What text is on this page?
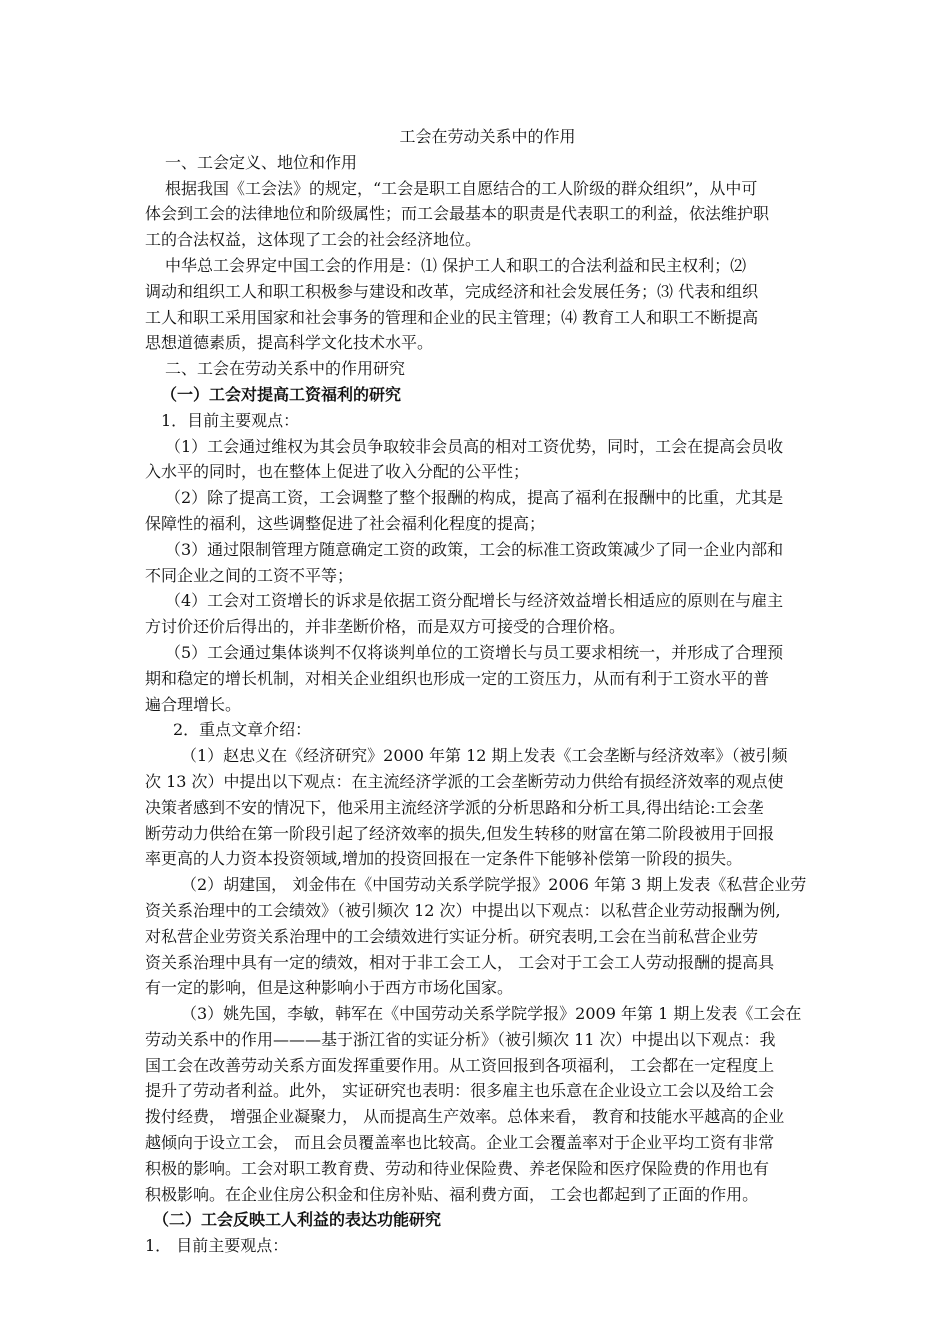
工会在劳动关系中的作用
一、工会定义、地位和作用
根据我国《工会法》的规定，“工会是职工自愿结合的工人阶级的群众组织”，从中可
体会到工会的法律地位和阶级属性；而工会最基本的职责是代表职工的利益，依法维护职
工的合法权益，这体现了工会的社会经济地位。
中华总工会界定中国工会的作用是：⑴ 保护工人和职工的合法利益和民主权利；⑵
调动和组织工人和职工积极参与建设和改革，完成经济和社会发展任务；⑶ 代表和组织
工人和职工采用国家和社会事务的管理和企业的民主管理；⑷ 教育工人和职工不断提高
思想道德素质，提高科学文化技术水平。
二、工会在劳动关系中的作用研究
（一）工会对提高工资福利的研究
1．目前主要观点：
（1）工会通过维权为其会员争取较非会员高的相对工资优势，同时，工会在提高会员收
入水平的同时，也在整体上促进了收入分配的公平性；
（2）除了提高工资，工会调整了整个报酬的构成，提高了福利在报酬中的比重，尤其是
保障性的福利，这些调整促进了社会福利化程度的提高；
（3）通过限制管理方随意确定工资的政策，工会的标准工资政策减少了同一企业内部和
不同企业之间的工资不平等；
（4）工会对工资增长的诉求是依据工资分配增长与经济效益增长相适应的原则在与雇主
方讨价还价后得出的，并非垄断价格，而是双方可接受的合理价格。
（5）工会通过集体谈判不仅将谈判单位的工资增长与员工要求相统一，并形成了合理预
期和稳定的增长机制，对相关企业组织也形成一定的工资压力，从而有利于工资水平的普
遍合理增长。
2．重点文章介绍：
（1）赵忠义在《经济研究》2000 年第 12 期上发表《工会垄断与经济效率》（被引频
次 13 次）中提出以下观点：在主流经济学派的工会垄断劳动力供给有损经济效率的观点使
决策者感到不安的情况下，他采用主流经济学派的分析思路和分析工具,得出结论:工会垄
断劳动力供给在第一阶段引起了经济效率的损失,但发生转移的财富在第二阶段被用于回报
率更高的人力资本投资领域,增加的投资回报在一定条件下能够补偿第一阶段的损失。
（2）胡建国， 刘金伟在《中国劳动关系学院学报》2006 年第 3 期上发表《私营企业劳
资关系治理中的工会绩效》（被引频次 12 次）中提出以下观点：以私营企业劳动报酬为例,
对私营企业劳资关系治理中的工会绩效进行实证分析。研究表明,工会在当前私营企业劳
资关系治理中具有一定的绩效，相对于非工会工人， 工会对于工会工人劳动报酬的提高具
有一定的影响，但是这种影响小于西方市场化国家。
（3）姚先国，李敏，韩军在《中国劳动关系学院学报》2009 年第 1 期上发表《工会在
劳动关系中的作用———基于浙江省的实证分析》（被引频次 11 次）中提出以下观点：我
国工会在改善劳动关系方面发挥重要作用。从工资回报到各项福利， 工会都在一定程度上
提升了劳动者利益。此外， 实证研究也表明：很多雇主也乐意在企业设立工会以及给工会
拨付经费， 增强企业凝聚力， 从而提高生产效率。总体来看， 教育和技能水平越高的企业
越倾向于设立工会， 而且会员覆盖率也比较高。企业工会覆盖率对于企业平均工资有非常
积极的影响。工会对职工教育费、劳动和待业保险费、养老保险和医疗保险费的作用也有
积极影响。在企业住房公积金和住房补贴、福利费方面， 工会也都起到了正面的作用。
（二）工会反映工人利益的表达功能研究
1． 目前主要观点：
